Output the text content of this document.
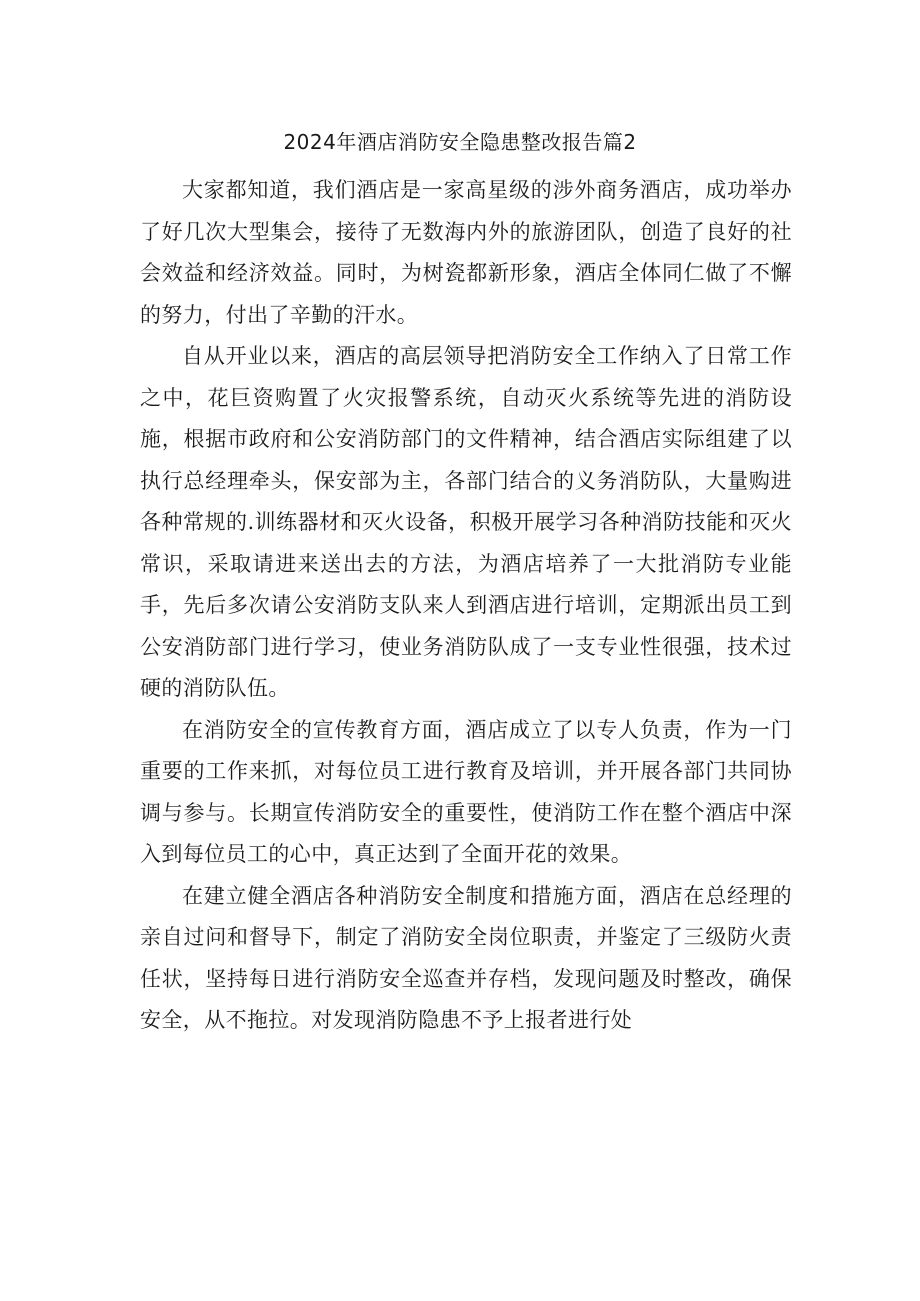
2024年酒店消防安全隐患整改报告篇2

大家都知道，我们酒店是一家高星级的涉外商务酒店，成功举办了好几次大型集会，接待了无数海内外的旅游团队，创造了良好的社会效益和经济效益。同时，为树瓷都新形象，酒店全体同仁做了不懈的努力，付出了辛勤的汗水。

自从开业以来，酒店的高层领导把消防安全工作纳入了日常工作之中，花巨资购置了火灾报警系统，自动灭火系统等先进的消防设施，根据市政府和公安消防部门的文件精神，结合酒店实际组建了以执行总经理牵头，保安部为主，各部门结合的义务消防队，大量购进各种常规的.训练器材和灭火设备，积极开展学习各种消防技能和灭火常识，采取请进来送出去的方法，为酒店培养了一大批消防专业能手，先后多次请公安消防支队来人到酒店进行培训，定期派出员工到公安消防部门进行学习，使业务消防队成了一支专业性很强，技术过硬的消防队伍。

在消防安全的宣传教育方面，酒店成立了以专人负责，作为一门重要的工作来抓，对每位员工进行教育及培训，并开展各部门共同协调与参与。长期宣传消防安全的重要性，使消防工作在整个酒店中深入到每位员工的心中，真正达到了全面开花的效果。

在建立健全酒店各种消防安全制度和措施方面，酒店在总经理的亲自过问和督导下，制定了消防安全岗位职责，并鉴定了三级防火责任状，坚持每日进行消防安全巡查并存档，发现问题及时整改，确保安全，从不拖拉。对发现消防隐患不予上报者进行处
